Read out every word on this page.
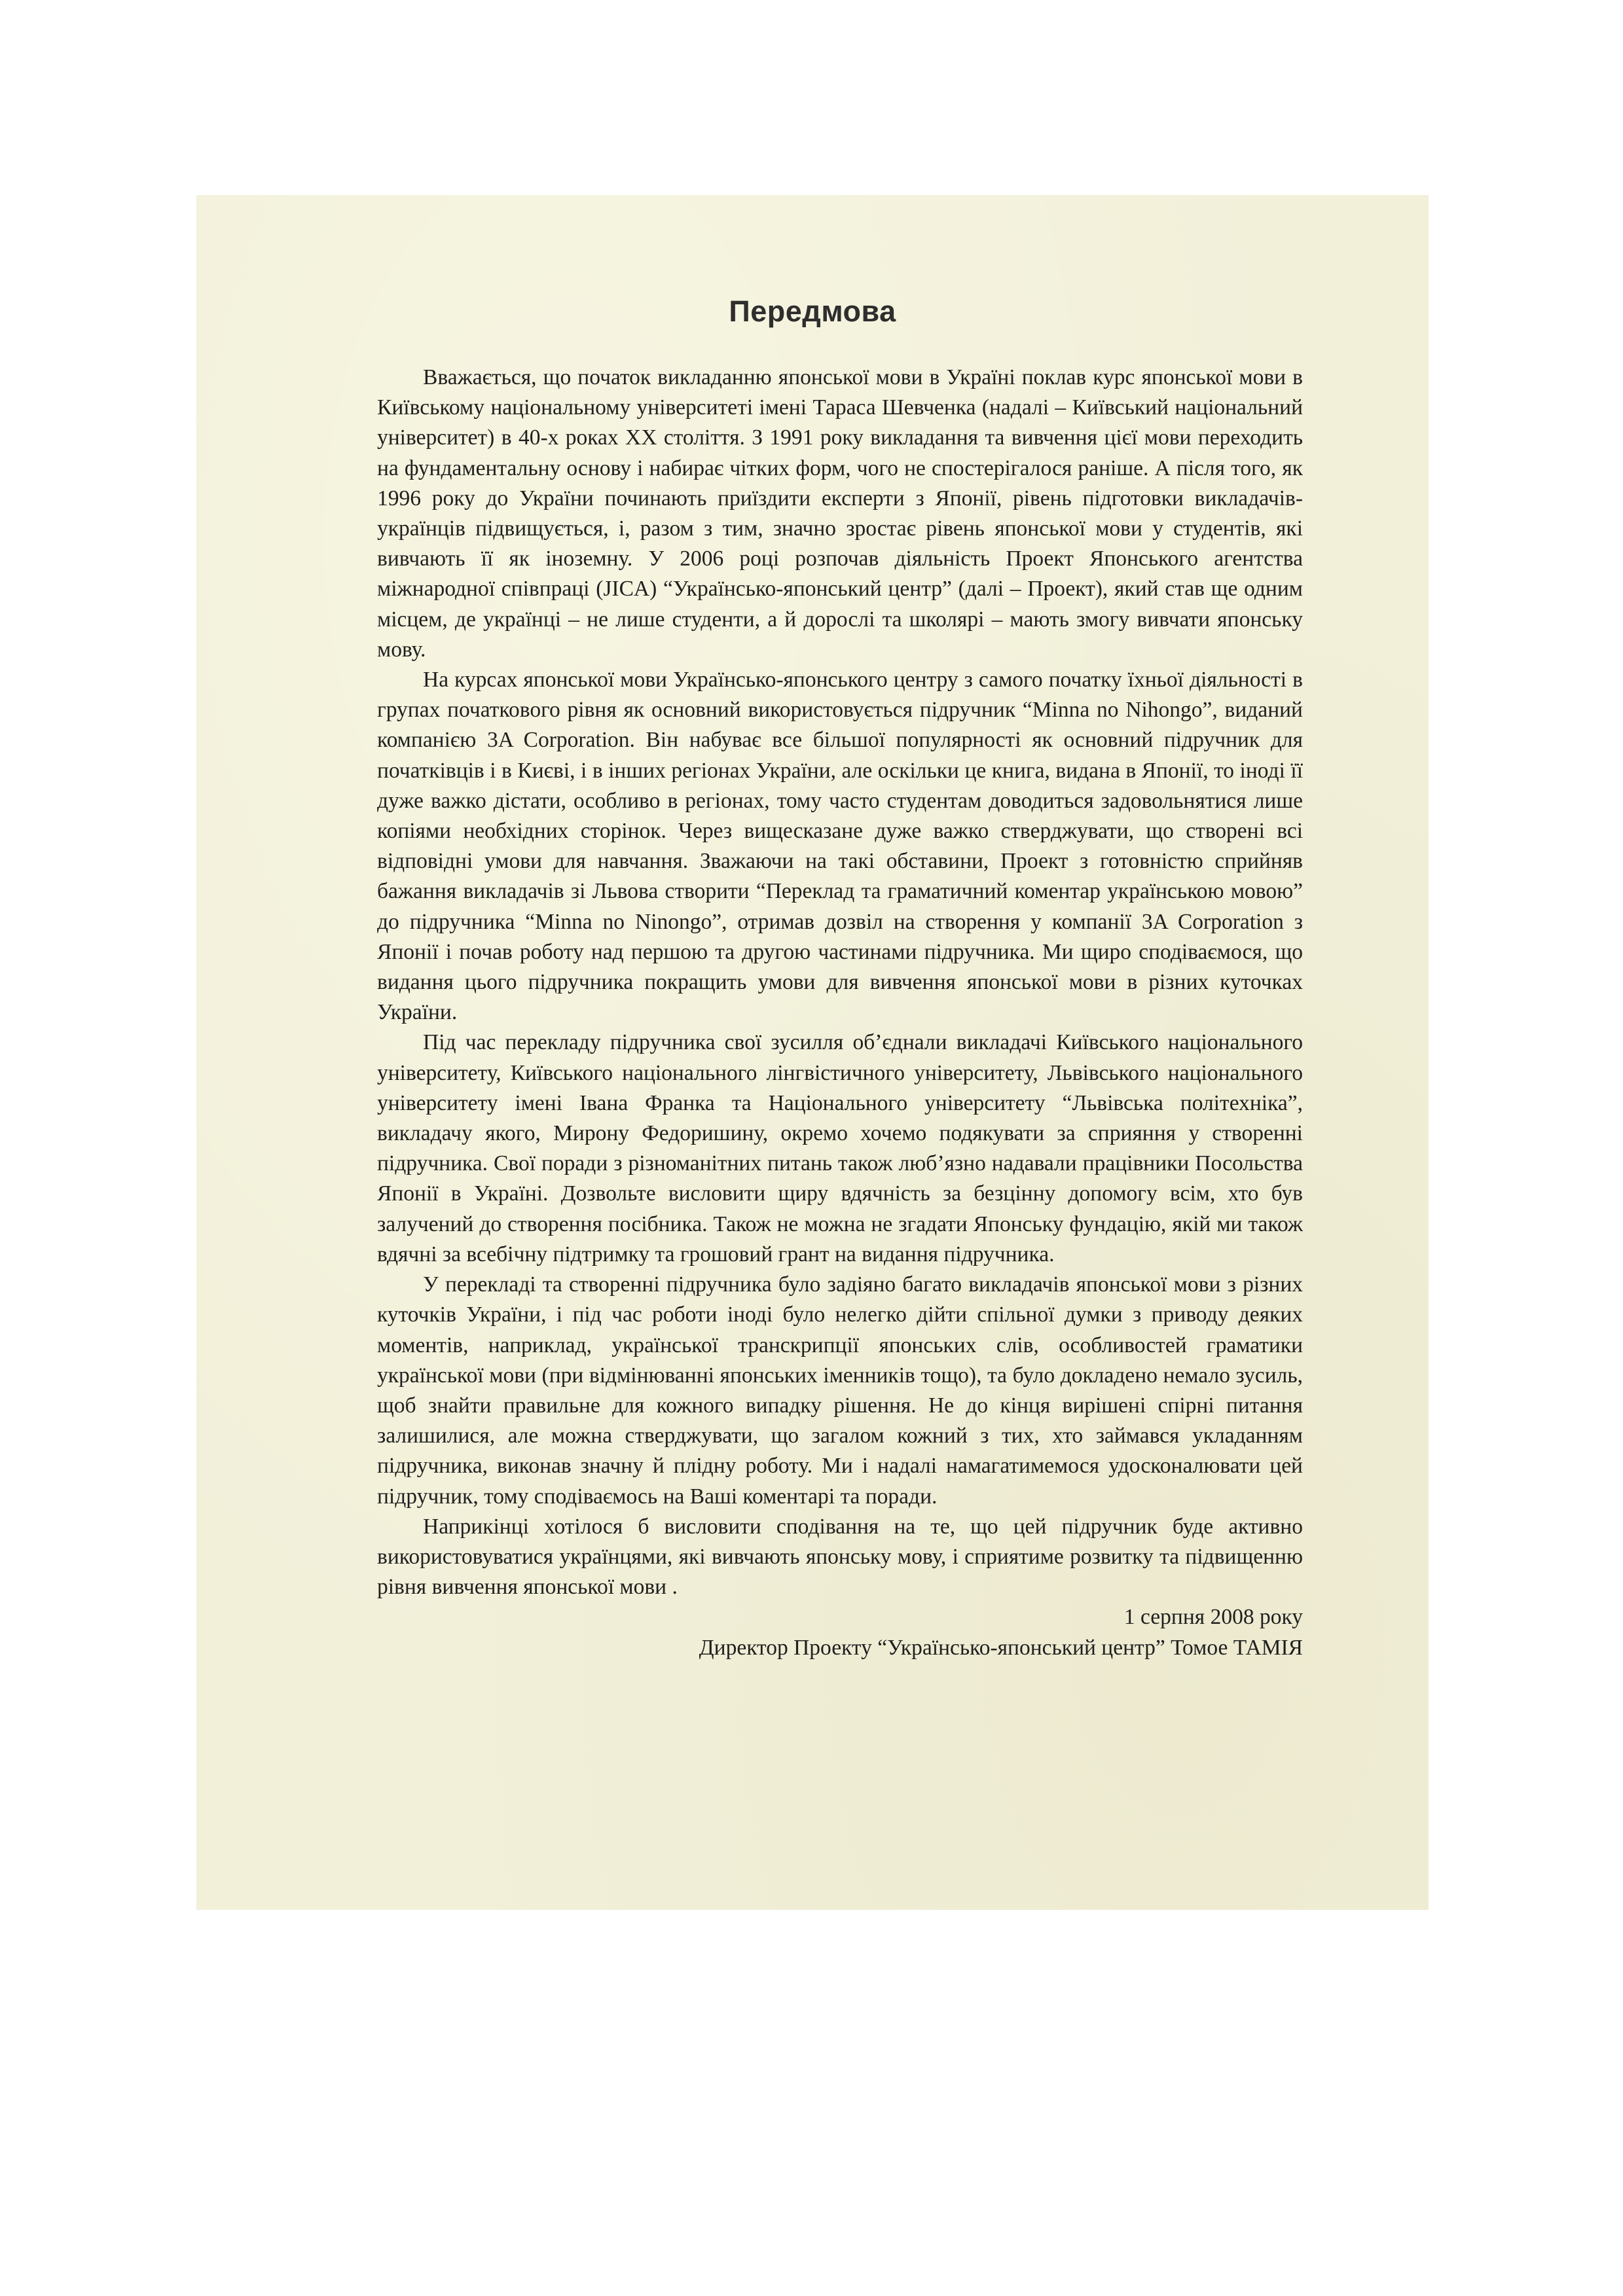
Передмова

Вважається, що початок викладанню японської мови в Україні поклав курс японської мови в Київському національному університеті імені Тараса Шевченка (надалі – Київський національний університет) в 40-х роках ХХ століття. З 1991 року викладання та вивчення цієї мови переходить на фундаментальну основу і набирає чітких форм, чого не спостерігалося раніше. А після того, як 1996 року до України починають приїздити експерти з Японії, рівень підготовки викладачів-українців підвищується, і, разом з тим, значно зростає рівень японської мови у студентів, які вивчають її як іноземну. У 2006 році розпочав діяльність Проект Японського агентства міжнародної співпраці (JICA) “Українсько-японський центр” (далі – Проект), який став ще одним місцем, де українці – не лише студенти, а й дорослі та школярі – мають змогу вивчати японську мову.

На курсах японської мови Українсько-японського центру з самого початку їхньої діяльності в групах початкового рівня як основний використовується підручник “Minna no Nihongo”, виданий компанією 3A Corporation. Він набуває все більшої популярності як основний підручник для початківців і в Києві, і в інших регіонах України, але оскільки це книга, видана в Японії, то іноді її дуже важко дістати, особливо в регіонах, тому часто студентам доводиться задовольнятися лише копіями необхідних сторінок. Через вищесказане дуже важко стверджувати, що створені всі відповідні умови для навчання. Зважаючи на такі обставини, Проект з готовністю сприйняв бажання викладачів зі Львова створити “Переклад та граматичний коментар українською мовою” до підручника “Minna no Ninongo”, отримав дозвіл на створення у компанії 3A Corporation з Японії і почав роботу над першою та другою частинами підручника. Ми щиро сподіваємося, що видання цього підручника покращить умови для вивчення японської мови в різних куточках України.

Під час перекладу підручника свої зусилля об’єднали викладачі Київського національного університету, Київського національного лінгвістичного університету, Львівського національного університету імені Івана Франка та Національного університету “Львівська політехніка”, викладачу якого, Мирону Федоришину, окремо хочемо подякувати за сприяння у створенні підручника. Свої поради з різноманітних питань також люб’язно надавали працівники Посольства Японії в Україні. Дозвольте висловити щиру вдячність за безцінну допомогу всім, хто був залучений до створення посібника. Також не можна не згадати Японську фундацію, якій ми також вдячні за всебічну підтримку та грошовий грант на видання підручника.

У перекладі та створенні підручника було задіяно багато викладачів японської мови з різних куточків України, і під час роботи іноді було нелегко дійти спільної думки з приводу деяких моментів, наприклад, української транскрипції японських слів, особливостей граматики української мови (при відмінюванні японських іменників тощо), та було докладено немало зусиль, щоб знайти правильне для кожного випадку рішення. Не до кінця вирішені спірні питання залишилися, але можна стверджувати, що загалом кожний з тих, хто займався укладанням підручника, виконав значну й плідну роботу. Ми і надалі намагатимемося удосконалювати цей підручник, тому сподіваємось на Ваші коментарі та поради.

Наприкінці хотілося б висловити сподівання на те, що цей підручник буде активно використовуватися українцями, які вивчають японську мову, і сприятиме розвитку та підвищенню рівня вивчення японської мови .

1 серпня 2008 року

Директор Проекту “Українсько-японський центр” Томое ТАМІЯ
